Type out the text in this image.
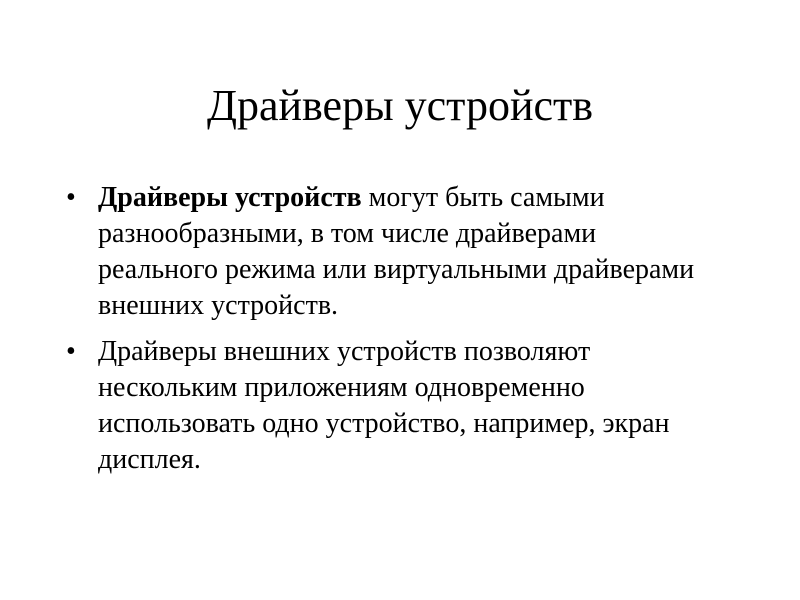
Драйверы устройств
• Драйверы устройств могут быть самыми разнообразными, в том числе драйверами реального режима или виртуальными драйверами внешних устройств.
• Драйверы внешних устройств позволяют нескольким приложениям одновременно использовать одно устройство, например, экран дисплея.
